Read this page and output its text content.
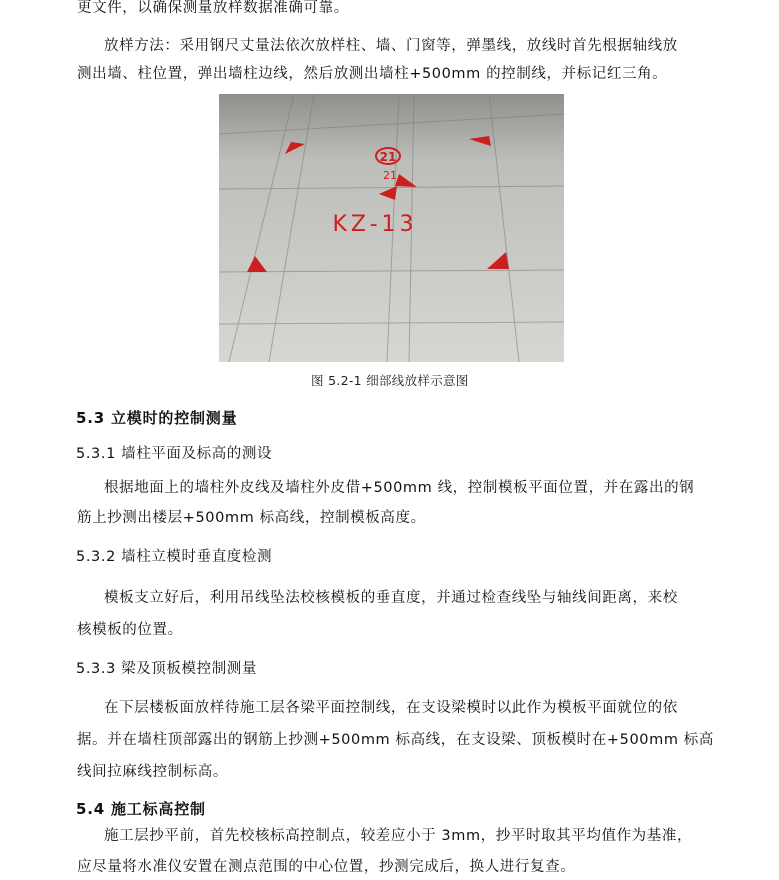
更文件，以确保测量放样数据准确可靠。
放样方法：采用钢尺丈量法依次放样柱、墙、门窗等，弹墨线，放线时首先根据轴线放
测出墙、柱位置，弹出墙柱边线，然后放测出墙柱+500mm 的控制线，并标记红三角。
21
21
KZ-13
图 5.2-1 细部线放样示意图
5.3 立模时的控制测量
5.3.1 墙柱平面及标高的测设
根据地面上的墙柱外皮线及墙柱外皮借+500mm 线，控制模板平面位置，并在露出的钢
筋上抄测出楼层+500mm 标高线，控制模板高度。
5.3.2 墙柱立模时垂直度检测
模板支立好后，利用吊线坠法校核模板的垂直度，并通过检查线坠与轴线间距离，来校
核模板的位置。
5.3.3 梁及顶板模控制测量
在下层楼板面放样待施工层各梁平面控制线，在支设梁模时以此作为模板平面就位的依
据。并在墙柱顶部露出的钢筋上抄测+500mm 标高线，在支设梁、顶板模时在+500mm 标高
线间拉麻线控制标高。
5.4 施工标高控制
施工层抄平前，首先校核标高控制点，较差应小于 3mm，抄平时取其平均值作为基准，
应尽量将水准仪安置在测点范围的中心位置，抄测完成后，换人进行复查。
